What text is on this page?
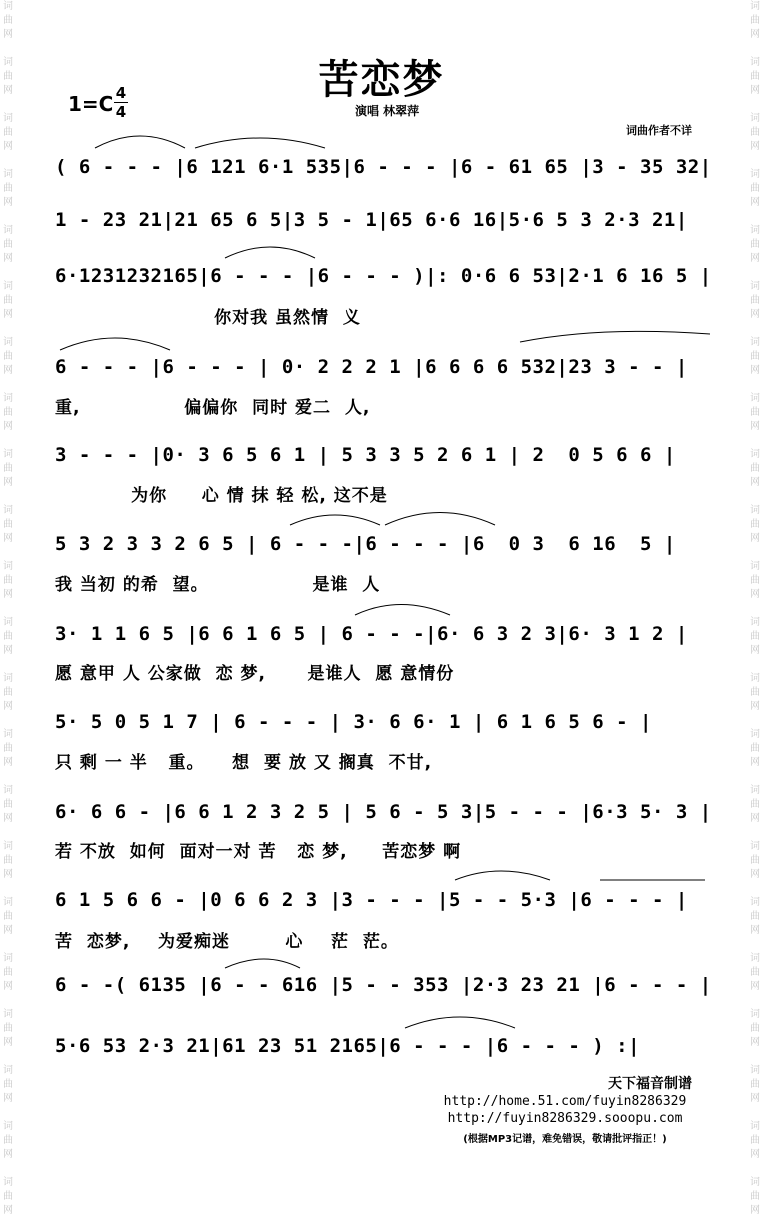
词
曲
网

词
曲
网

词
曲
网

词
曲
网

词
曲
网

词
曲
网

词
曲
网

词
曲
网

词
曲
网

词
曲
网

词
曲
网

词
曲
网

词
曲
网

词
曲
网

词
曲
网

词
曲
网

词
曲
网

词
曲
网

词
曲
网

词
曲
网

词
曲
网

词
曲
网

词
曲
网

词
曲
网

词
曲
网

词
曲
网

词
曲
网

词
曲
网

词
曲
网

词
曲
网

词
曲
网

词
曲
网

词
曲
网

词
曲
网

词
曲
网

词
曲
网

词
曲
网

词
曲
网

词
曲
网

词
曲
网

词
曲
网

词
曲
网

词
曲
网

词
曲
网

苦恋梦
演唱 林翠萍
1=C 4
4
词曲作者不详
( 6 - - - |6 121 6·1 535|6 - - - |6 - 61 65 |3 - 35 32|
1 - 23 21|21 65 6 5|3 5 - 1|65 6·6 16|5·6 5 3 2·3 21|
6·1231232165|6 - - - |6 - - - )|: 0·6 6 53|2·1 6 16 5 |
你对我 虽然情  义
6 - - - |6 - - - | 0· 2 2 2 1 |6 6 6 6 532|23 3 - - |
重,               偏偏你  同时 爱二  人,
3 - - - |0· 3 6 5 6 1 | 5 3 3 5 2 6 1 | 2  0 5 6 6 |
为你     心 情 抹 轻 松, 这不是
5 3 2 3 3 2 6 5 | 6 - - -|6 - - - |6  0 3  6 16  5 |
我 当初 的希  望。               是谁  人
3· 1 1 6 5 |6 6 1 6 5 | 6 - - -|6· 6 3 2 3|6· 3 1 2 |
愿 意甲 人 公家做  恋 梦,      是谁人  愿 意情份
5· 5 0 5 1 7 | 6 - - - | 3· 6 6· 1 | 6 1 6 5 6 - |
只 剩 一 半   重。    想  要 放 又 搁真  不甘,
6· 6 6 - |6 6 1 2 3 2 5 | 5 6 - 5 3|5 - - - |6·3 5· 3 |
若 不放  如何  面对一对 苦   恋 梦,     苦恋梦 啊
6 1 5 6 6 - |0 6 6 2 3 |3 - - - |5 - - 5·3 |6 - - - |
苦  恋梦,    为爱痴迷        心    茫  茫。
6 - -( 6135 |6 - - 616 |5 - - 353 |2·3 23 21 |6 - - - |
5·6 53 2·3 21|61 23 51 2165|6 - - - |6 - - - ) :|
天下福音制谱
http://home.51.com/fuyin8286329
http://fuyin8286329.sooopu.com
(根据MP3记谱，难免错误，敬请批评指正！)
